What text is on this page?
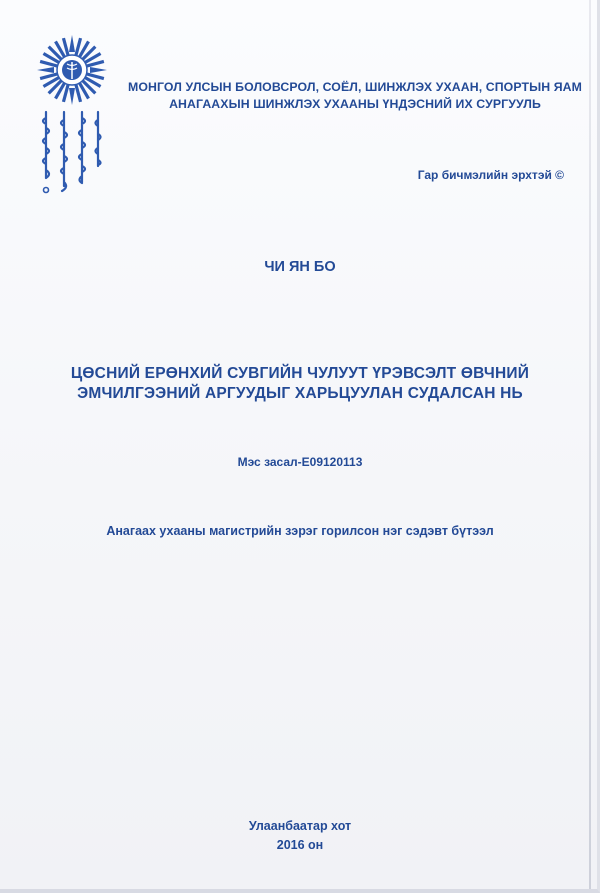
МОНГОЛ УЛСЫН БОЛОВСРОЛ, СОЁЛ, ШИНЖЛЭХ УХААН, СПОРТЫН ЯАМ
АНАГААХЫН ШИНЖЛЭХ УХААНЫ ҮНДЭСНИЙ ИХ СУРГУУЛЬ
Гар бичмэлийн эрхтэй ©
ЧИ ЯН БО
ЦӨСНИЙ ЕРӨНХИЙ СУВГИЙН ЧУЛУУТ ҮРЭВСЭЛТ ӨВЧНИЙ
ЭМЧИЛГЭЭНИЙ АРГУУДЫГ ХАРЬЦУУЛАН СУДАЛСАН НЬ
Мэс засал-E09120113
Анагаах ухааны магистрийн зэрэг горилсон нэг сэдэвт бүтээл
Улаанбаатар хот
2016 он
